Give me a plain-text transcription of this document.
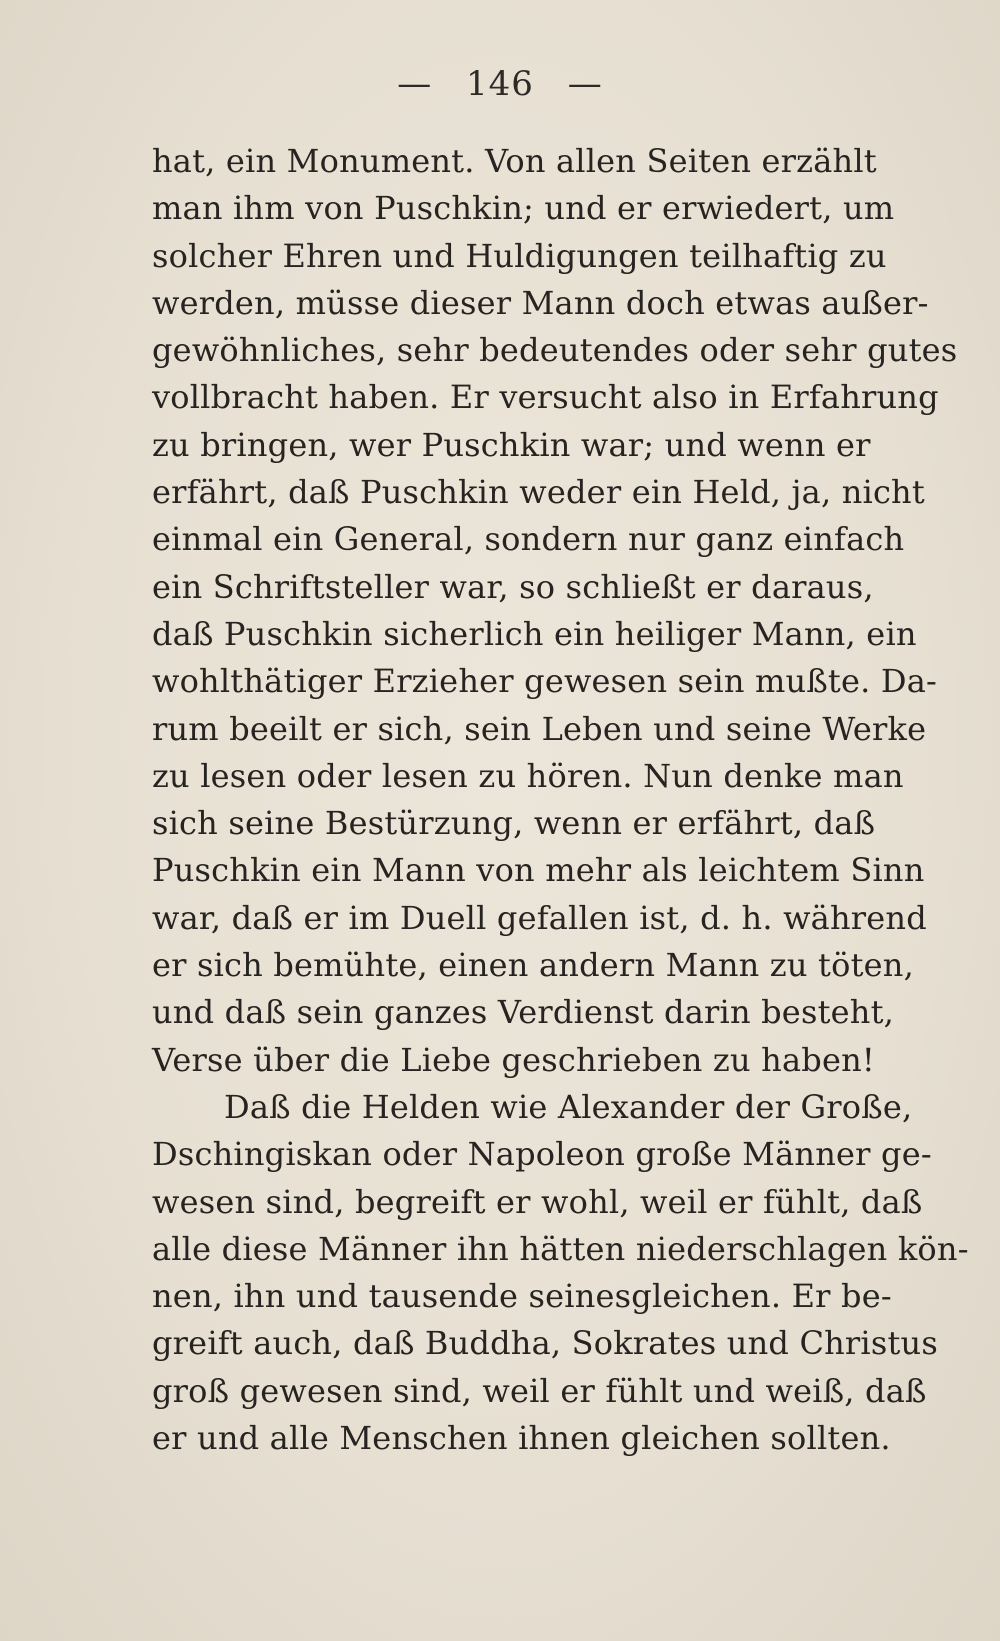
— 146 —
hat, ein Monument. Von allen Seiten erzählt
man ihm von Puschkin; und er erwiedert, um
solcher Ehren und Huldigungen teilhaftig zu
werden, müsse dieser Mann doch etwas außer-
gewöhnliches, sehr bedeutendes oder sehr gutes
vollbracht haben. Er versucht also in Erfahrung
zu bringen, wer Puschkin war; und wenn er
erfährt, daß Puschkin weder ein Held, ja, nicht
einmal ein General, sondern nur ganz einfach
ein Schriftsteller war, so schließt er daraus,
daß Puschkin sicherlich ein heiliger Mann, ein
wohlthätiger Erzieher gewesen sein mußte. Da-
rum beeilt er sich, sein Leben und seine Werke
zu lesen oder lesen zu hören. Nun denke man
sich seine Bestürzung, wenn er erfährt, daß
Puschkin ein Mann von mehr als leichtem Sinn
war, daß er im Duell gefallen ist, d. h. während
er sich bemühte, einen andern Mann zu töten,
und daß sein ganzes Verdienst darin besteht,
Verse über die Liebe geschrieben zu haben!
Daß die Helden wie Alexander der Große,
Dschingiskan oder Napoleon große Männer ge-
wesen sind, begreift er wohl, weil er fühlt, daß
alle diese Männer ihn hätten niederschlagen kön-
nen, ihn und tausende seinesgleichen. Er be-
greift auch, daß Buddha, Sokrates und Christus
groß gewesen sind, weil er fühlt und weiß, daß
er und alle Menschen ihnen gleichen sollten.
